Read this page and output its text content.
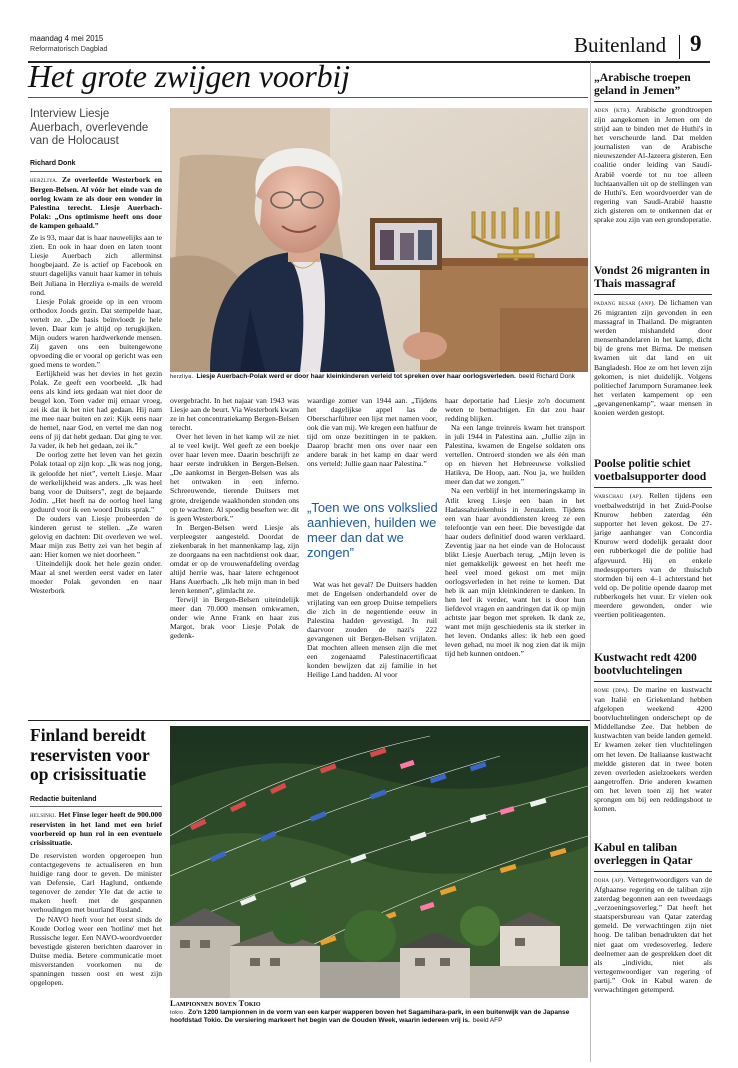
maandag 4 mei 2015
Reformatorisch Dagblad	Buitenland 9
Het grote zwijgen voorbij
Interview Liesje Auerbach, overlevende van de Holocaust
Richard Donk

herzliya. Ze overleefde Westerbork en Bergen-Belsen. Al vóór het einde van de oorlog kwam ze als door een wonder in Palestina terecht. Liesje Auerbach-Polak: „Ons optimisme heeft ons door de kampen gehaald.”

Ze is 93, maar dat is haar nauwelijks aan te zien. En ook in haar doen en laten toont Liesje Auerbach zich allerminst hoogbejaard. Ze is actief op Facebook en stuurt dagelijks vanuit haar kamer in tehuis Beit Juliana in Herzliya e-mails de wereld rond.

Liesje Polak groeide op in een vroom orthodox Joods gezin. Dat stempelde haar, vertelt ze. „De basis beïnvloedt je hele leven. Daar kun je altijd op terugkijken. Mijn ouders waren hardwerkende mensen. Zij gaven ons een buitengewone opvoeding die er vooral op gericht was een goed mens te worden.”

Eerlijkheid was het devies in het gezin Polak. Ze geeft een voorbeeld. „Ik had eens als kind iets gedaan wat niet door de beugel kon. Toen vader mij ernaar vroeg, zei ik dat ik het niet had gedaan. Hij nam me mee naar buiten en zei: Kijk eens naar de hemel, naar God, en vertel me dan nog eens of jij dat hebt gedaan. Dat ging te ver. Ja vader, ik heb het gedaan, zei ik.”

De oorlog zette het leven van het gezin Polak totaal op zijn kop. „Ik was nog jong, ik geloofde het niet”, vertelt Liesje. Maar de werkelijkheid was anders. „Ik was heel bang voor de Duitsers”, zegt de bejaarde Jodin. „Het heeft na de oorlog heel lang geduurd voor ik een woord Duits sprak.”

De ouders van Liesje probeerden de kinderen gerust te stellen. „Ze waren gelovig en dachten: Dit overleven we wel. Maar mijn zus Betty zei van het begin af aan: Hier komen we niet doorheen.”

Uiteindelijk dook het hele gezin onder. Maar al snel werden eerst vader en later moeder Polak gevonden en naar Westerbork

herzliya. Liesje Auerbach-Polak werd er door haar kleinkinderen verleid tot spreken over haar oorlogsverleden. beeld Richard Donk

overgebracht. In het najaar van 1943 was Liesje aan de beurt. Via Westerbork kwam ze in het concentratiekamp Bergen-Belsen terecht.

Over het leven in het kamp wil ze niet al te veel kwijt. Wel geeft ze een boekje over haar leven mee. Daarin beschrijft ze haar eerste indrukken in Bergen-Belsen. „De aankomst in Bergen-Belsen was als het ontwaken in een inferno. Schreeuwende, tierende Duitsers met grote, dreigende waakhonden stonden ons op te wachten. Al spoedig beseften we: dit is geen Westerbork.”

In Bergen-Belsen werd Liesje als verpleegster aangesteld. Doordat de ziekenbarak in het mannenkamp lag, zijn ze doorgaans na een nachtdienst ook daar, omdat er op de vrouwenafdeling overdag altijd herrie was, haar latere echtgenoot Hans Auerbach. „Ik heb mijn man in bed leren kennen”, glimlacht ze.

Terwijl in Bergen-Belsen uiteindelijk meer dan 70.000 mensen omkwamen, onder wie Anne Frank en haar zus Margot, brak voor Liesje Polak de gedenk-

waardige zomer van 1944 aan. „Tijdens het dagelijkse appel las de Oberscharführer een lijst met namen voor, ook die van mij. We kregen een halfuur de tijd om onze bezittingen in te pakken. Daarop bracht men ons over naar een andere barak in het kamp en daar werd ons verteld: Jullie gaan naar Palestina.”

„Toen we ons volkslied aanhieven, huilden we meer dan dat we zongen”

Wat was het geval? De Duitsers hadden met de Engelsen onderhandeld over de vrijlating van een groep Duitse tempeliers die zich in de negentiende eeuw in Palestina hadden gevestigd. In ruil daarvoor zouden de nazi's 222 gevangenen uit Bergen-Belsen vrijlaten. Dat mochten alleen mensen zijn die met een zogenaamd Palestinacertificaat konden bewijzen dat zij familie in het Heilige Land hadden. Al voor

haar deportatie had Liesje zo'n document weten te bemachtigen. En dat zou haar redding blijken.

Na een lange treinreis kwam het transport in juli 1944 in Palestina aan. „Jullie zijn in Palestina, kwamen de Engelse soldaten ons vertellen. Ontroerd stonden we als één man op en hieven het Hebreeuwse volkslied Hatikva, De Hoop, aan. Nou ja, we huilden meer dan dat we zongen.”

Na een verblijf in het interneringskamp in Atlit kreeg Liesje een baan in het Hadassahziekenhuis in Jeruzalem. Tijdens een van haar avonddiensten kreeg ze een telefoontje van een heer. Die bevestigde dat haar ouders definitief dood waren verklaard. Zeventig jaar na het einde van de Holocaust blikt Liesje Auerbach terug. „Mijn leven is niet gemakkelijk geweest en het heeft me heel veel moed gekost om met mijn oorlogsverleden in het reine te komen. Dat heb ik aan mijn kleinkinderen te danken. In hen leef ik verder, want het is door hun liefdevol vragen en aandringen dat ik op mijn achtste jaar begon met spreken. Ik dank ze, want met mijn geschiedenis sta ik sterker in het leven. Ondanks alles: ik heb een goed leven gehad, nu moet ik nog zien dat ik mijn tijd heb kunnen ontdoen.”

Finland bereidt reservisten voor op crisissituatie
Redactie buitenland

helsinki. Het Finse leger heeft de 900.000 reservisten in het land met een brief voorbereid op hun rol in een eventuele crisissituatie.

De reservisten worden opgeroepen hun contactgegevens te actualiseren en hun huidige rang door te geven. De minister van Defensie, Carl Haglund, ontkende tegenover de zender Yle dat de actie te maken heeft met de gespannen verhoudingen met buurland Rusland.

De NAVO heeft voor het eerst sinds de Koude Oorlog weer een 'hotline' met het Russische leger. Een NAVO-woordvoerder bevestigde gisteren berichten daarover in Duitse media. Betere communicatie moet misverstanden voorkomen nu de spanningen tussen oost en west zijn opgelopen.

Lampionnen boven Tokio
tokio. Zo'n 1200 lampionnen in de vorm van een karper wapperen boven het Sagamihara-park, in een buitenwijk van de Japanse hoofdstad Tokio. De versiering markeert het begin van de Gouden Week, waarin iedereen vrij is. beeld AFP
„Arabische troepen geland in Jemen”

aden (ktr). Arabische grondtroepen zijn aangekomen in Jemen om de strijd aan te binden met de Huthi's in het verscheurde land. Dat melden journalisten van de Arabische nieuwszender Al-Jazeera gisteren. Een coalitie onder leiding van Saudi-Arabië voerde tot nu toe alleen luchtaanvallen uit op de stellingen van de Huthi's. Een woordvoerder van de regering van Saudi-Arabië haastte zich gisteren om te ontkennen dat er sprake zou zijn van een grondoperatie.

Vondst 26 migranten in Thais massagraf

padang besar (anp). De lichamen van 26 migranten zijn gevonden in een massagraf in Thailand. De migranten werden mishandeld door mensenhandelaren in het kamp, dicht bij de grens met Birma. De mensen kwamen uit dat land en uit Bangladesh. Hoe ze om het leven zijn gekomen, is niet duidelijk. Volgens politiechef Jarumporn Suramanee leek het verlaten kampement op een „gevangenenkamp”, waar mensen in kooien werden gestopt.

Poolse politie schiet voetbalsupporter dood

warschau (ap). Rellen tijdens een voetbalwedstrijd in het Zuid-Poolse Knurow hebben zaterdag één supporter het leven gekost. De 27-jarige aanhanger van Concordia Knurow werd dodelijk geraakt door een rubberkogel die de politie had afgevuurd. Hij en enkele medesupporters van de thuisclub stormden bij een 4–1 achterstand het veld op. De politie opende daarop met rubberkogels het vuur. Er vielen ook meerdere gewonden, onder wie veertien politieagenten.

Kustwacht redt 4200 bootvluchtelingen

rome (dpa). De marine en kustwacht van Italië en Griekenland hebben afgelopen weekend 4200 bootvluchtelingen onderschept op de Middellandse Zee. Dat hebben de kustwachten van beide landen gemeld. Er kwamen zeker tien vluchtelingen om het leven. De Italiaanse kustwacht meldde gisteren dat in twee boten zeven overleden asielzoekers werden aangetroffen. Drie anderen kwamen om het leven toen zij het water sprongen om bij een reddingsboot te komen.

Kabul en taliban overleggen in Qatar

doha (ap). Vertegenwoordigers van de Afghaanse regering en de taliban zijn zaterdag begonnen aan een tweedaags „verzoeningsoverleg.” Dat heeft het staatspersbureau van Qatar zaterdag gemeld. De verwachtingen zijn niet hoog. De taliban benadrukten dat het niet gaat om vredesoverleg. Iedere deelnemer aan de gesprekken doet dit als „individu, niet als vertegenwoordiger van regering of partij.” Ook in Kabul waren de verwachtingen getemperd.
